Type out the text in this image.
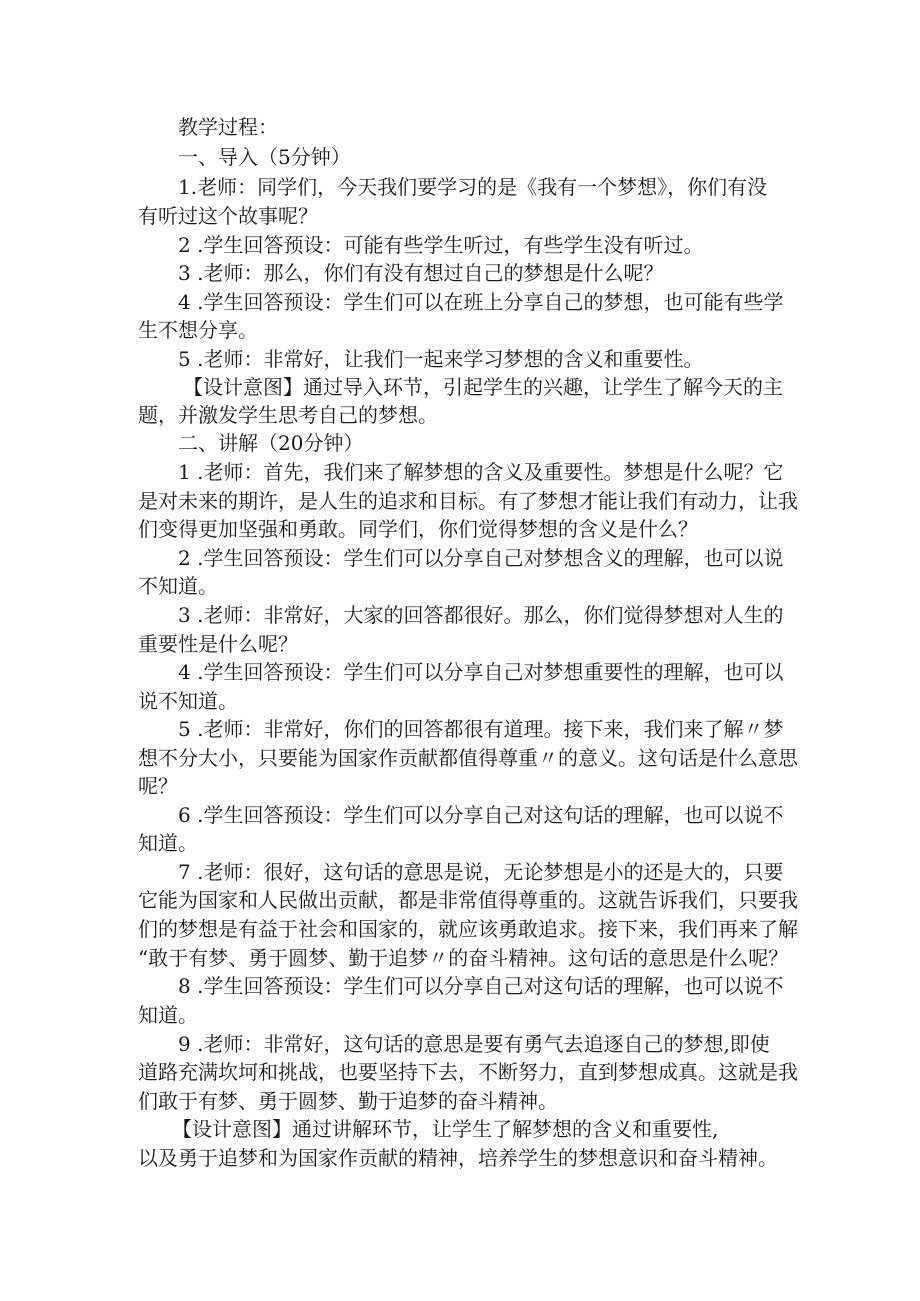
教学过程：

一、导入（5分钟）

1.老师：同学们，今天我们要学习的是《我有一个梦想》，你们有没

有听过这个故事呢？

2 .学生回答预设：可能有些学生听过，有些学生没有听过。

3 .老师：那么，你们有没有想过自己的梦想是什么呢？

4 .学生回答预设：学生们可以在班上分享自己的梦想，也可能有些学

生不想分享。

5 .老师：非常好，让我们一起来学习梦想的含义和重要性。

【设计意图】通过导入环节，引起学生的兴趣，让学生了解今天的主

题，并激发学生思考自己的梦想。

二、讲解（20分钟）

1 .老师：首先，我们来了解梦想的含义及重要性。梦想是什么呢？它

是对未来的期许，是人生的追求和目标。有了梦想才能让我们有动力，让我

们变得更加坚强和勇敢。同学们，你们觉得梦想的含义是什么？

2 .学生回答预设：学生们可以分享自己对梦想含义的理解，也可以说

不知道。

3 .老师：非常好，大家的回答都很好。那么，你们觉得梦想对人生的

重要性是什么呢？

4 .学生回答预设：学生们可以分享自己对梦想重要性的理解，也可以

说不知道。

5 .老师：非常好，你们的回答都很有道理。接下来，我们来了解〃梦

想不分大小，只要能为国家作贡献都值得尊重〃的意义。这句话是什么意思

呢？

6 .学生回答预设：学生们可以分享自己对这句话的理解，也可以说不

知道。

7 .老师：很好，这句话的意思是说，无论梦想是小的还是大的，只要

它能为国家和人民做出贡献，都是非常值得尊重的。这就告诉我们，只要我

们的梦想是有益于社会和国家的，就应该勇敢追求。接下来，我们再来了解

“敢于有梦、勇于圆梦、勤于追梦〃的奋斗精神。这句话的意思是什么呢？

8 .学生回答预设：学生们可以分享自己对这句话的理解，也可以说不

知道。

9 .老师：非常好，这句话的意思是要有勇气去追逐自己的梦想,即使

道路充满坎坷和挑战，也要坚持下去，不断努力，直到梦想成真。这就是我

们敢于有梦、勇于圆梦、勤于追梦的奋斗精神。

【设计意图】通过讲解环节，让学生了解梦想的含义和重要性,

以及勇于追梦和为国家作贡献的精神，培养学生的梦想意识和奋斗精神。
